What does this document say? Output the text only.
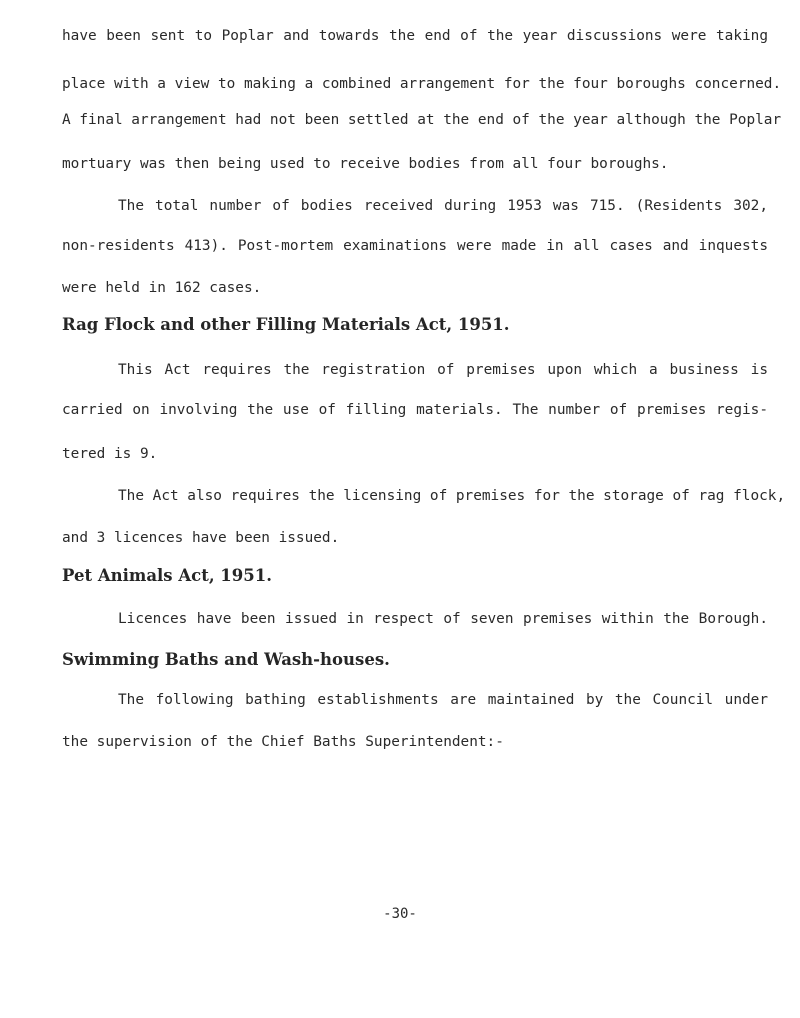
have been sent to Poplar and towards the end of the year discussions were taking
place with a view to making a combined arrangement for the four boroughs concerned.
A final arrangement had not been settled at the end of the year although the Poplar
mortuary was then being used to receive bodies from all four boroughs.
The total number of bodies received during 1953 was 715. (Residents 302,
non-residents 413). Post-mortem examinations were made in all cases and inquests
were held in 162 cases.
Rag Flock and other Filling Materials Act, 1951.
This Act requires the registration of premises upon which a business is
carried on involving the use of filling materials. The number of premises regis-
tered is 9.
The Act also requires the licensing of premises for the storage of rag flock,
and 3 licences have been issued.
Pet Animals Act, 1951.
Licences have been issued in respect of seven premises within the Borough.
Swimming Baths and Wash-houses.
The following bathing establishments are maintained by the Council under
the supervision of the Chief Baths Superintendent:-
-30-
